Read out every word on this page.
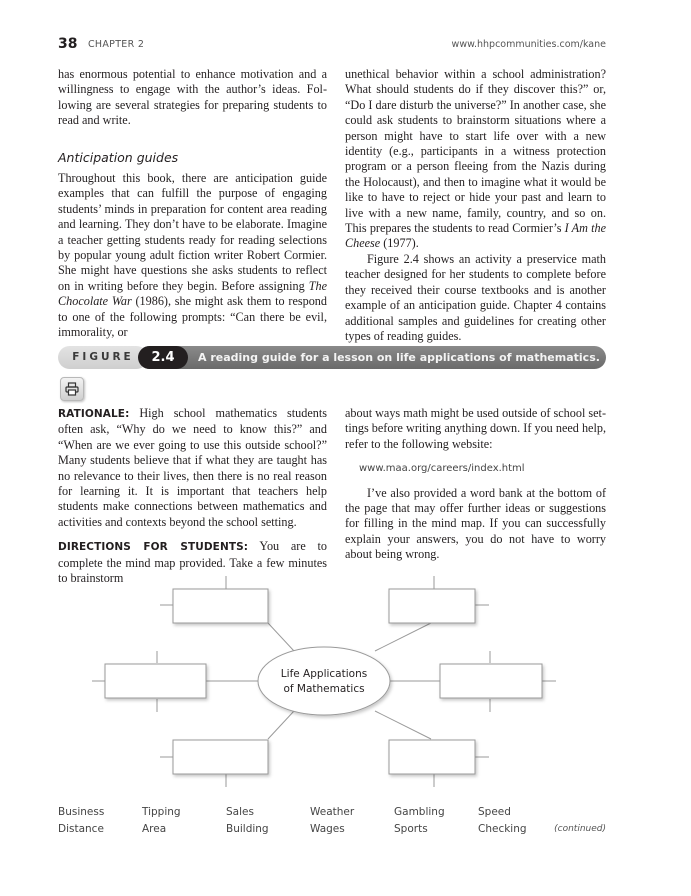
38 CHAPTER 2	www.hhpcommunities.com/kane

has enormous potential to enhance motivation and a willingness to engage with the author’s ideas. Following are several strategies for preparing students to read and write.

Anticipation guides

Throughout this book, there are anticipation guide examples that can fulfill the purpose of engaging students’ minds in preparation for content area reading and learning. They don’t have to be elaborate. Imagine a teacher getting students ready for reading selections by popular young adult fiction writer Robert Cormier. She might have questions she asks students to reflect on in writing before they begin. Before assigning The Chocolate War (1986), she might ask them to respond to one of the following prompts: “Can there be evil, immorality, or

unethical behavior within a school administration? What should students do if they discover this?” or, “Do I dare disturb the universe?” In another case, she could ask students to brainstorm situations where a person might have to start life over with a new identity (e.g., participants in a witness protection program or a person fleeing from the Nazis during the Holocaust), and then to imagine what it would be like to have to reject or hide your past and learn to live with a new name, family, country, and so on. This prepares the students to read Cormier’s I Am the Cheese (1977).

Figure 2.4 shows an activity a preservice math teacher designed for her students to complete before they received their course textbooks and is another example of an anticipation guide. Chapter 4 contains additional samples and guidelines for creating other types of reading guides.

FIGURE	2.4	A reading guide for a lesson on life applications of mathematics.

RATIONALE: High school mathematics students often ask, “Why do we need to know this?” and “When are we ever going to use this outside school?” Many students believe that if what they are taught has no relevance to their lives, then there is no real reason for learning it. It is important that teachers help students make connections between mathematics and activities and contexts beyond the school setting.

DIRECTIONS FOR STUDENTS: You are to complete the mind map provided. Take a few minutes to brainstorm

about ways math might be used outside of school settings before writing anything down. If you need help, refer to the following website:

www.maa.org/careers/index.html

I’ve also provided a word bank at the bottom of the page that may offer further ideas or suggestions for filling in the mind map. If you can successfully explain your answers, you do not have to worry about being wrong.

Life Applications
of Mathematics
Business	Tipping	Sales	Weather	Gambling	Speed
Distance	Area	Building	Wages	Sports	Checking	(continued)
